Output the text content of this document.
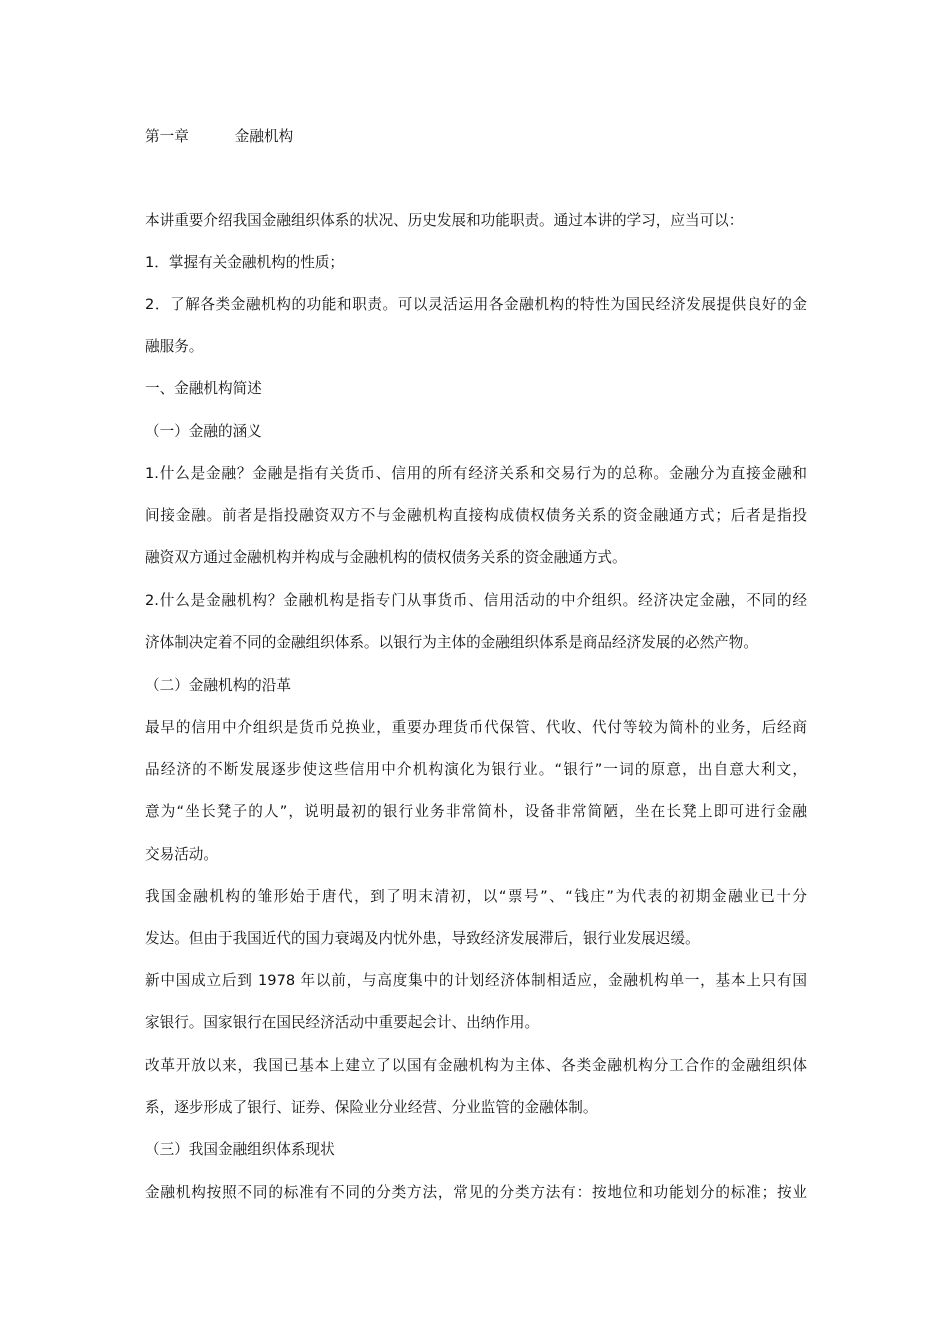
第一章	金融机构
本讲重要介绍我国金融组织体系的状况、历史发展和功能职责。通过本讲的学习，应当可以：
1．掌握有关金融机构的性质；
2．了解各类金融机构的功能和职责。可以灵活运用各金融机构的特性为国民经济发展提供良好的金
融服务。
一、金融机构简述
（一）金融的涵义
1.什么是金融？金融是指有关货币、信用的所有经济关系和交易行为的总称。金融分为直接金融和
间接金融。前者是指投融资双方不与金融机构直接构成债权债务关系的资金融通方式；后者是指投
融资双方通过金融机构并构成与金融机构的债权债务关系的资金融通方式。
2.什么是金融机构？金融机构是指专门从事货币、信用活动的中介组织。经济决定金融，不同的经
济体制决定着不同的金融组织体系。以银行为主体的金融组织体系是商品经济发展的必然产物。
（二）金融机构的沿革
最早的信用中介组织是货币兑换业，重要办理货币代保管、代收、代付等较为简朴的业务，后经商
品经济的不断发展逐步使这些信用中介机构演化为银行业。“银行”一词的原意，出自意大利文，
意为“坐长凳子的人”，说明最初的银行业务非常简朴，设备非常简陋，坐在长凳上即可进行金融
交易活动。
我国金融机构的雏形始于唐代，到了明末清初，以“票号”、“钱庄”为代表的初期金融业已十分
发达。但由于我国近代的国力衰竭及内忧外患，导致经济发展滞后，银行业发展迟缓。
新中国成立后到 1978 年以前，与高度集中的计划经济体制相适应，金融机构单一，基本上只有国
家银行。国家银行在国民经济活动中重要起会计、出纳作用。
改革开放以来，我国已基本上建立了以国有金融机构为主体、各类金融机构分工合作的金融组织体
系，逐步形成了银行、证券、保险业分业经营、分业监管的金融体制。
（三）我国金融组织体系现状
金融机构按照不同的标准有不同的分类方法，常见的分类方法有：按地位和功能划分的标准；按业
